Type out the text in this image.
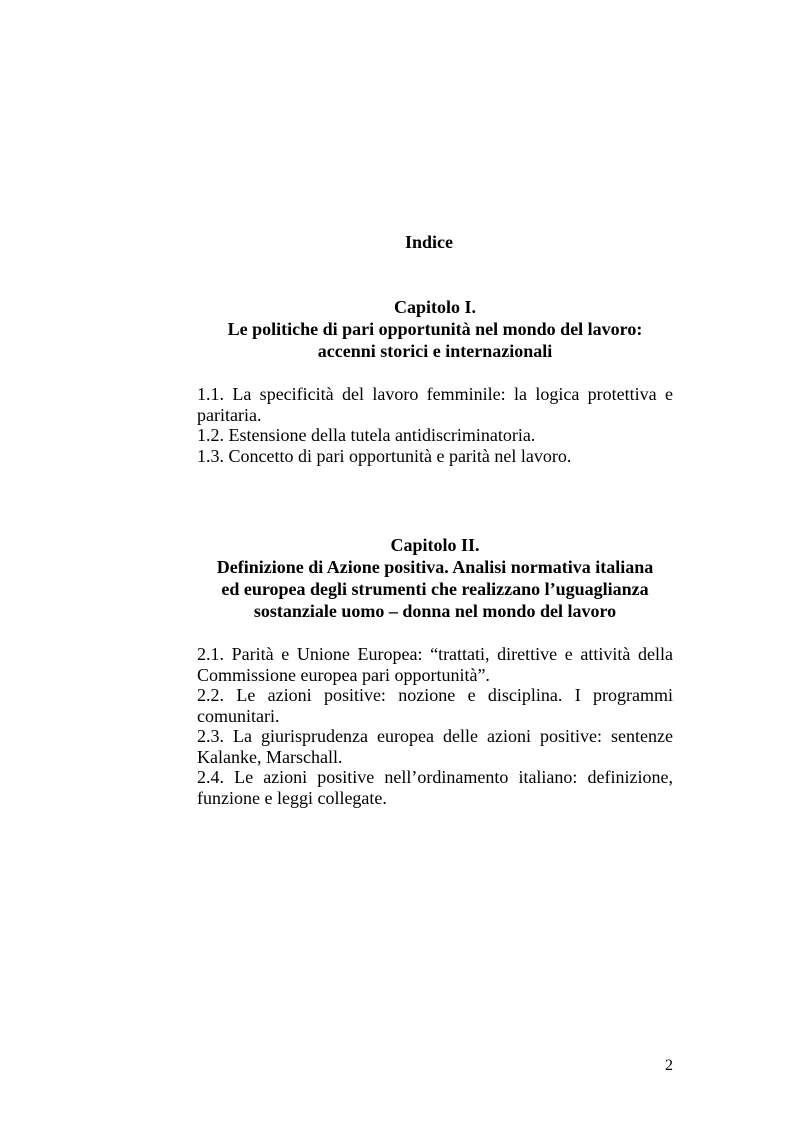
Indice
Capitolo I.
Le politiche di pari opportunità nel mondo del lavoro:
accenni storici e internazionali
1.1. La specificità del lavoro femminile: la logica protettiva e paritaria.
1.2. Estensione della tutela antidiscriminatoria.
1.3. Concetto di pari opportunità e parità nel lavoro.
Capitolo II.
Definizione di Azione positiva. Analisi normativa italiana
ed europea degli strumenti che realizzano l’uguaglianza
sostanziale uomo – donna nel mondo del lavoro
2.1. Parità e Unione Europea: “trattati, direttive e attività della Commissione europea pari opportunità”.
2.2. Le azioni positive: nozione e disciplina. I programmi comunitari.
2.3. La giurisprudenza europea delle azioni positive: sentenze Kalanke, Marschall.
2.4. Le azioni positive nell’ordinamento italiano: definizione, funzione e leggi collegate.
2
